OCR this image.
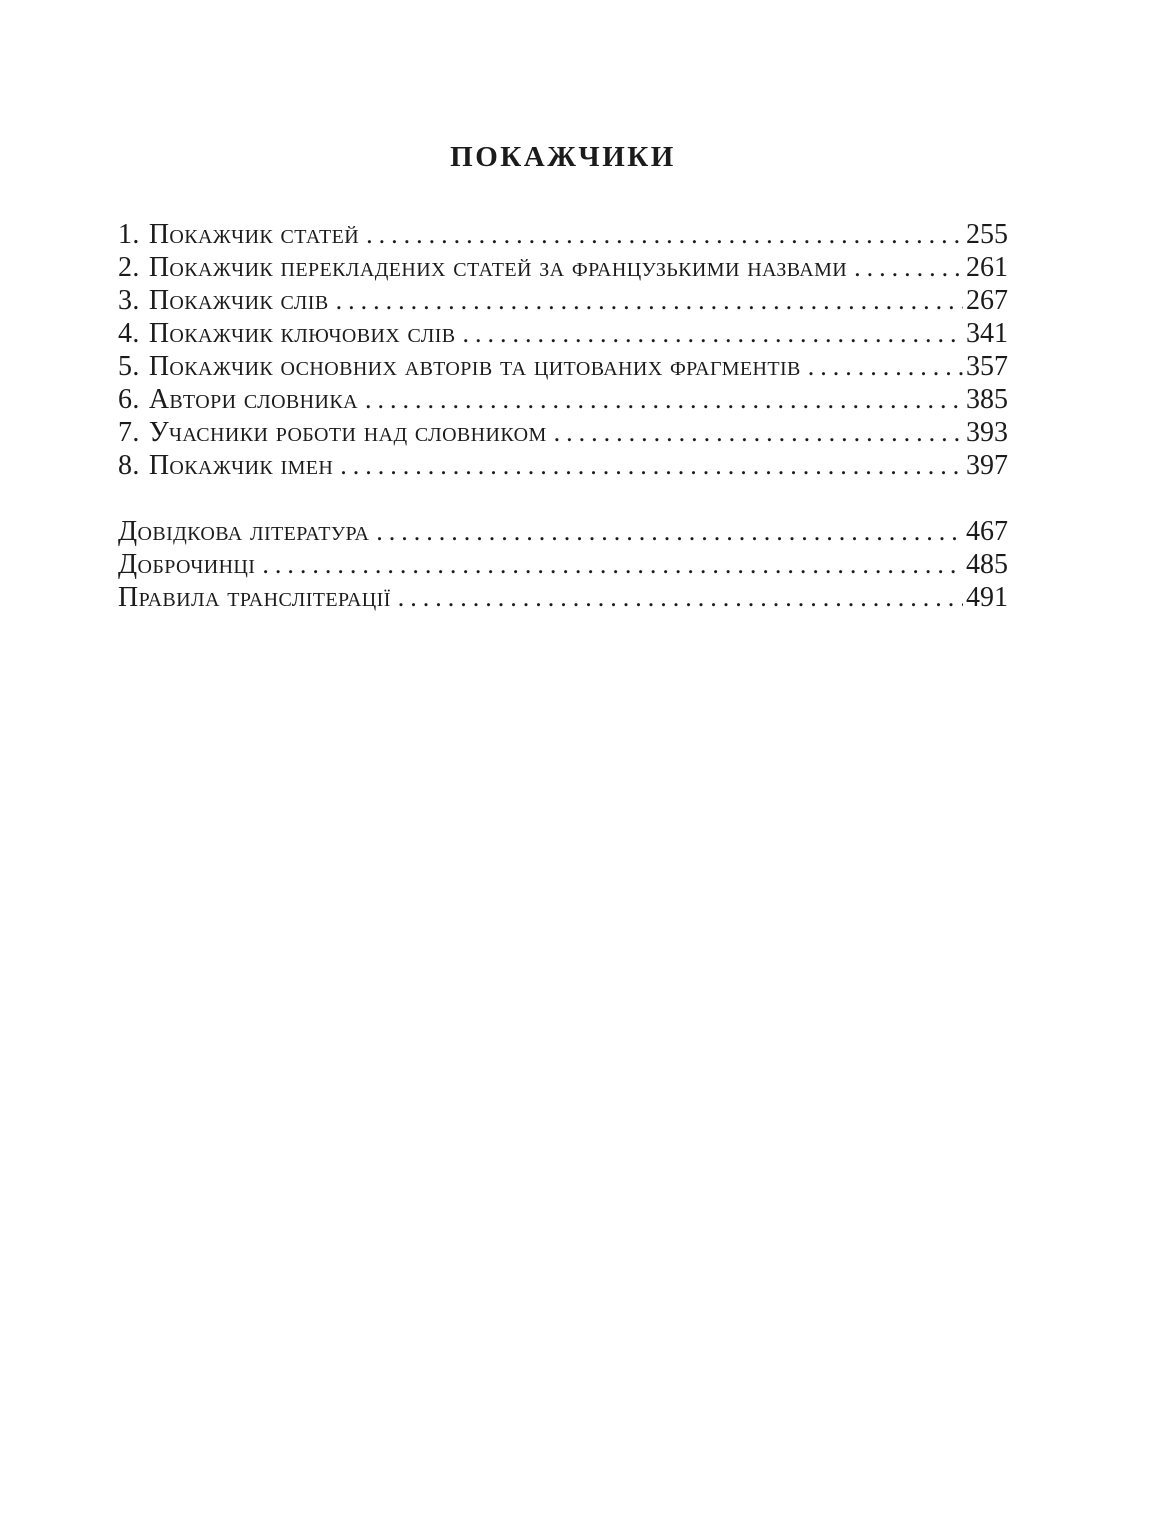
ПОКАЖЧИКИ
1. Покажчик статей .....	255
2. Покажчик перекладених статей за французькими назвами .....	261
3. Покажчик слів .....	267
4. Покажчик ключових слів .....	341
5. Покажчик основних авторів та цитованих фрагментів .....	357
6. Автори словника .....	385
7. Учасники роботи над словником .....	393
8. Покажчик імен .....	397
Довідкова література .....	467
Доброчинці .....	485
Правила транслітерації .....	491
